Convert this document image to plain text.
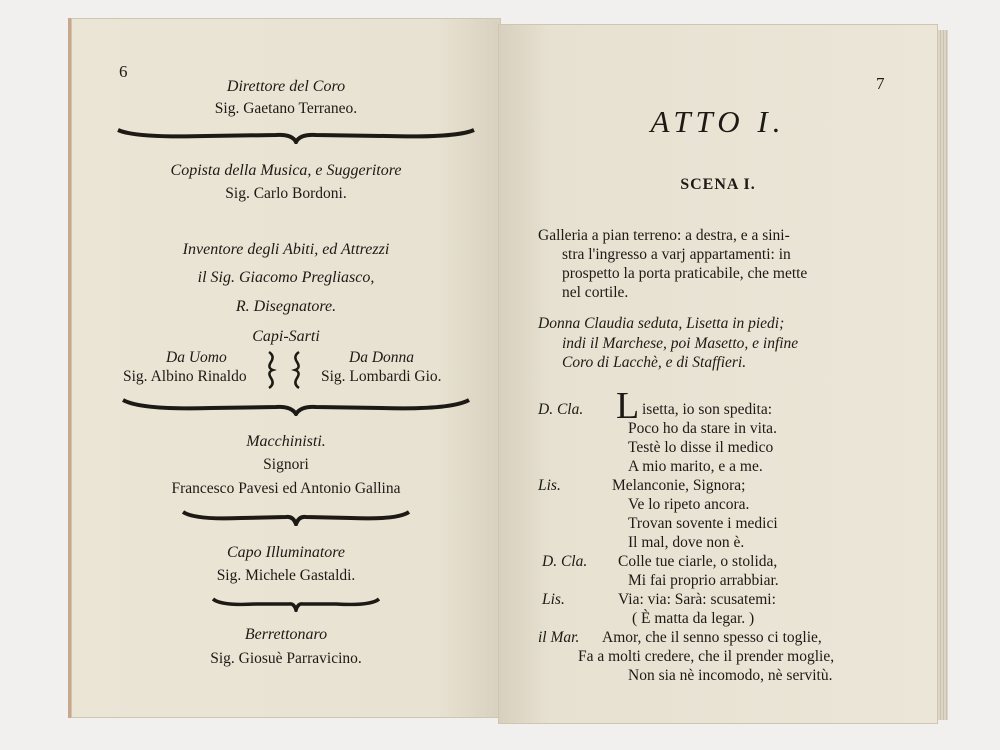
6
Direttore del Coro
Sig. Gaetano Terraneo.
Copista della Musica, e Suggeritore
Sig. Carlo Bordoni.
Inventore degli Abiti, ed Attrezzi
il Sig. Giacomo Pregliasco,
R. Disegnatore.
Capi-Sarti
Da Uomo
Sig. Albino Rinaldo
Da Donna
Sig. Lombardi Gio.
Macchinisti.
Signori
Francesco Pavesi ed Antonio Gallina
Capo Illuminatore
Sig. Michele Gastaldi.
Berrettonaro
Sig. Giosuè Parravicino.
7
ATTO I.
SCENA I.
Galleria a pian terreno: a destra, e a sini-
stra l'ingresso a varj appartamenti: in
prospetto la porta praticabile, che mette
nel cortile.
Donna Claudia seduta, Lisetta in piedi;
indi il Marchese, poi Masetto, e infine
Coro di Lacchè, e di Staffieri.
D. Cla. L isetta, io son spedita:
Poco ho da stare in vita.
Testè lo disse il medico
A mio marito, e a me.
Lis.	Melanconie, Signora;
Ve lo ripeto ancora.
Trovan sovente i medici
Il mal, dove non è.
D. Cla. Colle tue ciarle, o stolida,
Mi fai proprio arrabbiar.
Lis.	Via: via: Sarà: scusatemi:
( È matta da legar. )
il Mar. Amor, che il senno spesso ci toglie,
Fa a molti credere, che il prender moglie,
Non sia nè incomodo, nè servitù.
